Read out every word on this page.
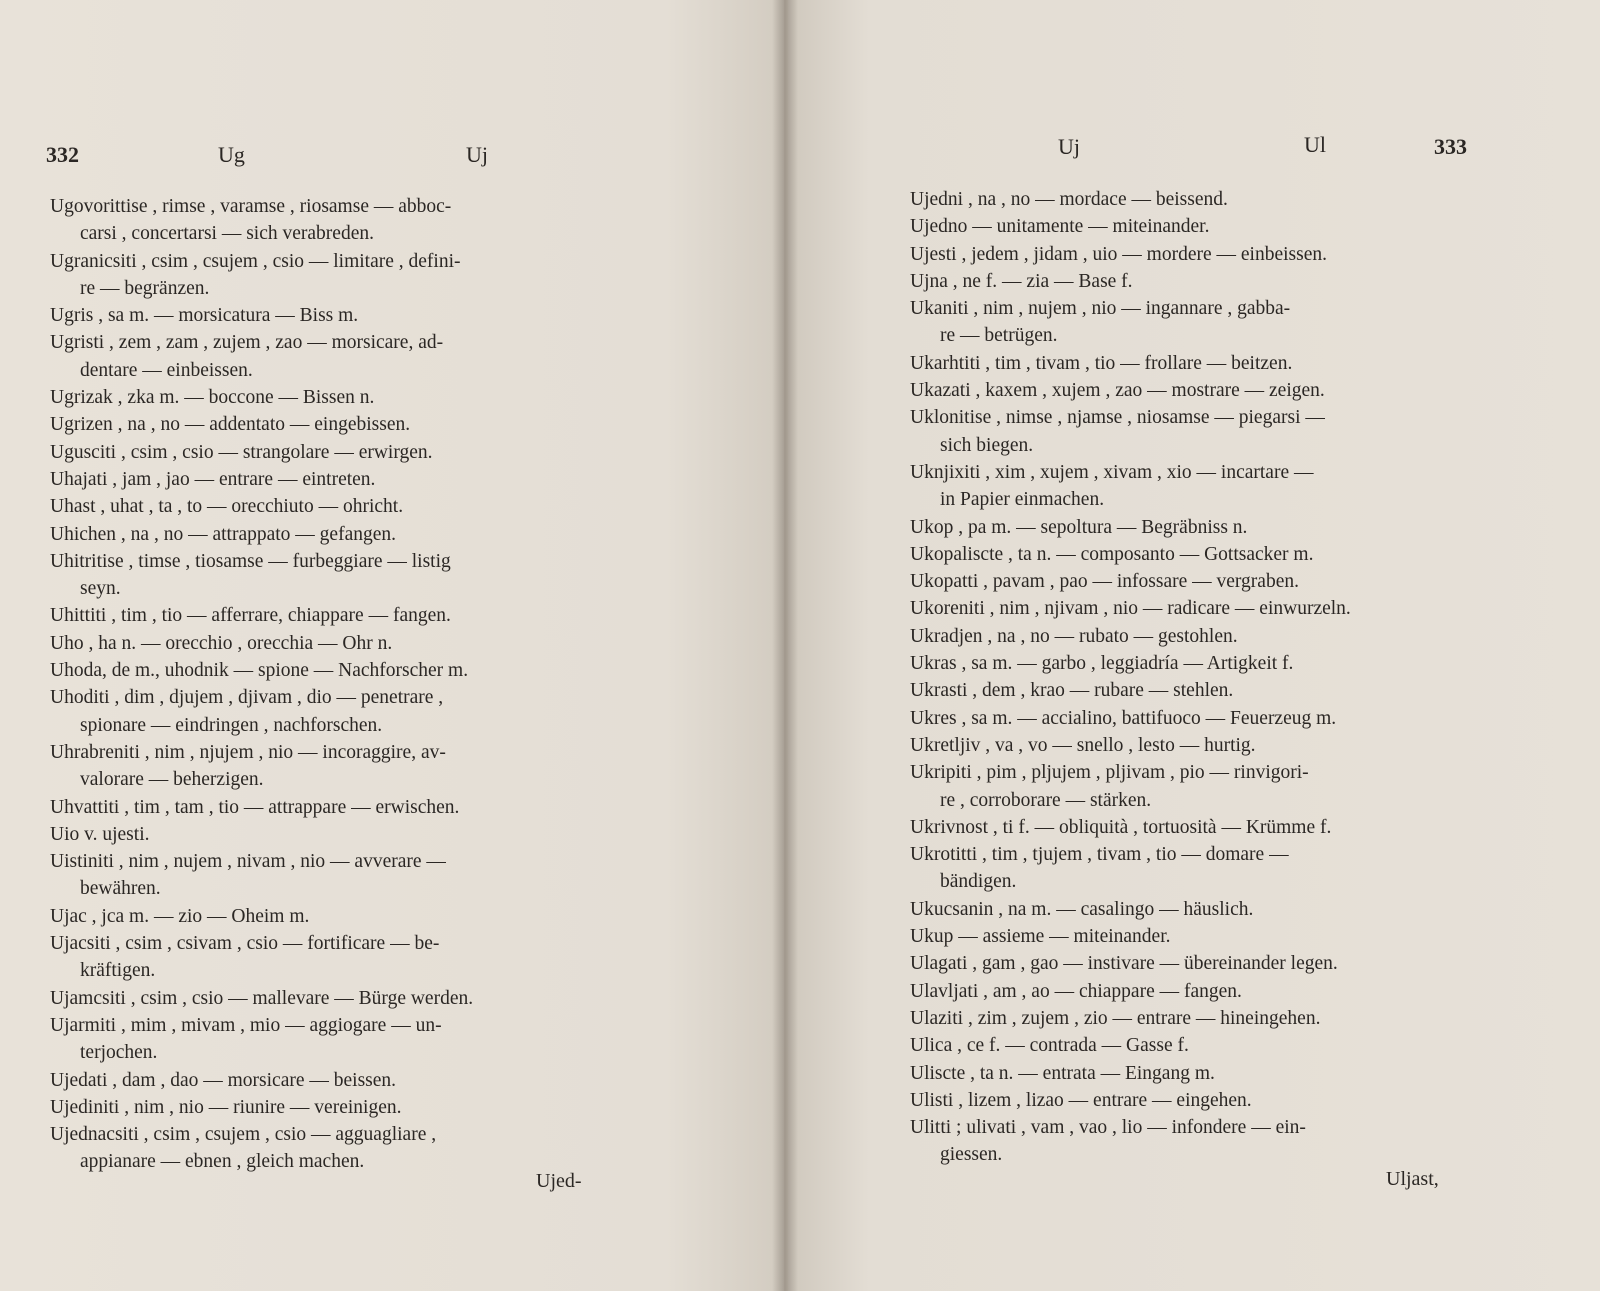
332	Ug	Uj
Ugovorittise , rimse , varamse , riosamse — abbоc-
carsi , concertarsi — sich verabreden.
Ugranicsiti , csim , csujem , csio — limitare , defini-
re — begränzen.
Ugris , sa m. — morsicatura — Biss m.
Ugristi , zem , zam , zujem , zao — morsicare, ad-
dentare — einbeissen.
Ugrizak , zka m. — boccone — Bissen n.
Ugrizen , na , no — addentato — eingebissen.
Ugusciti , csim , csio — strangolare — erwirgen.
Uhajati , jam , jao — entrare — eintreten.
Uhast , uhat , ta , to — orecchiuto — ohricht.
Uhichen , na , no — attrappato — gefangen.
Uhitritise , timse , tiosamse — furbeggiare — listig
seyn.
Uhittiti , tim , tio — afferrare, chiappare — fangen.
Uho , ha n. — orecchio , orecchia — Ohr n.
Uhoda, de m., uhodnik — spione — Nachforscher m.
Uhoditi , dim , djujem , djivam , dio — penetrare ,
spionare — eindringen , nachforschen.
Uhrabreniti , nim , njujem , nio — incoraggire, av-
valorare — beherzigen.
Uhvattiti , tim , tam , tio — attrappare — erwischen.
Uio v. ujesti.
Uistiniti , nim , nujem , nivam , nio — avverare —
bewähren.
Ujac , jca m. — zio — Oheim m.
Ujacsiti , csim , csivam , csio — fortificare — be-
kräftigen.
Ujamcsiti , csim , csio — mallevare — Bürge werden.
Ujarmiti , mim , mivam , mio — aggiogare — un-
terjochen.
Ujedati , dam , dao — morsicare — beissen.
Ujediniti , nim , nio — riunire — vereinigen.
Ujednacsiti , csim , csujem , csio — agguagliare ,
appianare — ebnen , gleich machen.
Ujed-
Uj	Ul	333
Ujedni , na , no — mordace — beissend.
Ujedno — unitamente — miteinander.
Ujesti , jedem , jidam , uio — mordere — einbeissen.
Ujna , ne f. — zia — Base f.
Ukaniti , nim , nujem , nio — ingannare , gabba-
re — betrügen.
Ukarhtiti , tim , tivam , tio — frollare — beitzen.
Ukazati , kaxem , xujem , zao — mostrare — zeigen.
Uklonitise , nimse , njamse , niosamse — piegarsi —
sich biegen.
Uknjixiti , xim , xujem , xivam , xio — incartare —
in Papier einmachen.
Ukop , pa m. — sepoltura — Begräbniss n.
Ukopaliscte , ta n. — composanto — Gottsacker m.
Ukopatti , pavam , pao — infossare — vergraben.
Ukoreniti , nim , njivam , nio — radicare — einwurzeln.
Ukradjen , na , no — rubato — gestohlen.
Ukras , sa m. — garbo , leggiadría — Artigkeit f.
Ukrasti , dem , krao — rubare — stehlen.
Ukres , sa m. — accialino, battifuoco — Feuerzeug m.
Ukretljiv , va , vo — snello , lesto — hurtig.
Ukripiti , pim , pljujem , pljivam , pio — rinvigori-
re , corroborare — stärken.
Ukrivnost , ti f. — obliquità , tortuosità — Krümme f.
Ukrotitti , tim , tjujem , tivam , tio — domare —
bändigen.
Ukucsanin , na m. — casalingo — häuslich.
Ukup — assieme — miteinander.
Ulagati , gam , gao — instivare — übereinander legen.
Ulavljati , am , ao — chiappare — fangen.
Ulaziti , zim , zujem , zio — entrare — hineingehen.
Ulica , ce f. — contrada — Gasse f.
Uliscte , ta n. — entrata — Eingang m.
Ulisti , lizem , lizao — entrare — eingehen.
Ulitti ; ulivati , vam , vao , lio — infondere — ein-
giessen.
Uljast,
